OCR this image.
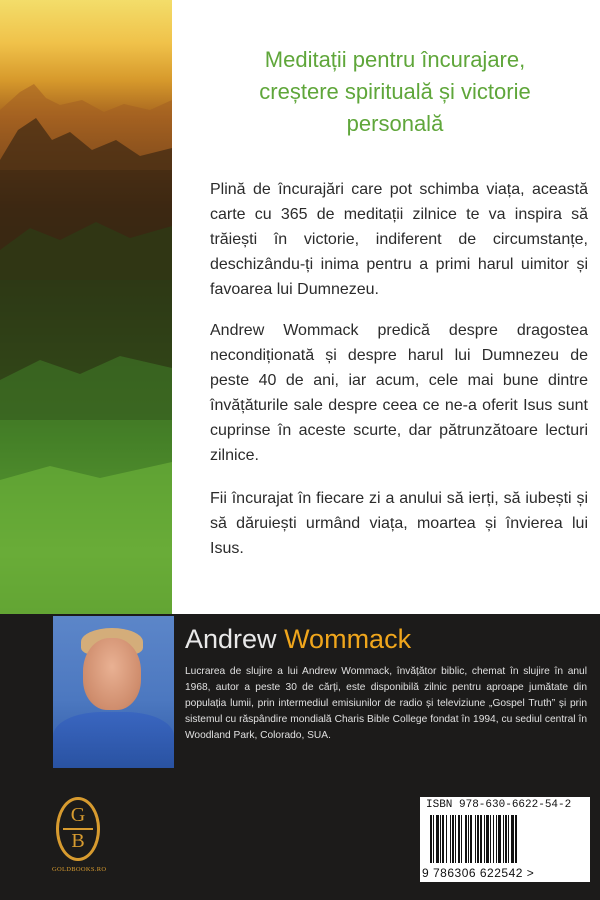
Meditații pentru încurajare,
creștere spirituală și victorie
personală

Plină de încurajări care pot schimba viața, această carte cu 365 de meditații zilnice te va inspira să trăiești în victorie, indiferent de circumstanțe, deschizându-ți inima pentru a primi harul uimitor și favoarea lui Dumnezeu.

Andrew Wommack predică despre dragostea necondiționată și despre harul lui Dumnezeu de peste 40 de ani, iar acum, cele mai bune dintre învățăturile sale despre ceea ce ne-a oferit Isus sunt cuprinse în aceste scurte, dar pătrunzătoare lecturi zilnice.

Fii încurajat în fiecare zi a anului să ierți, să iubești și să dăruiești urmând viața, moartea și învierea lui Isus.

Andrew Wommack

Lucrarea de slujire a lui Andrew Wommack, învățător biblic, chemat în slujire în anul 1968, autor a peste 30 de cărți, este disponibilă zilnic pentru aproape jumătate din populația lumii, prin intermediul emisiunilor de radio și televiziune „Gospel Truth” și prin sistemul cu răspândire mondială Charis Bible College fondat în 1994, cu sediul central în Woodland Park, Colorado, SUA.

G
B
GOLDBOOKS.RO
ISBN 978-630-6622-54-2
9 786306 622542 >
